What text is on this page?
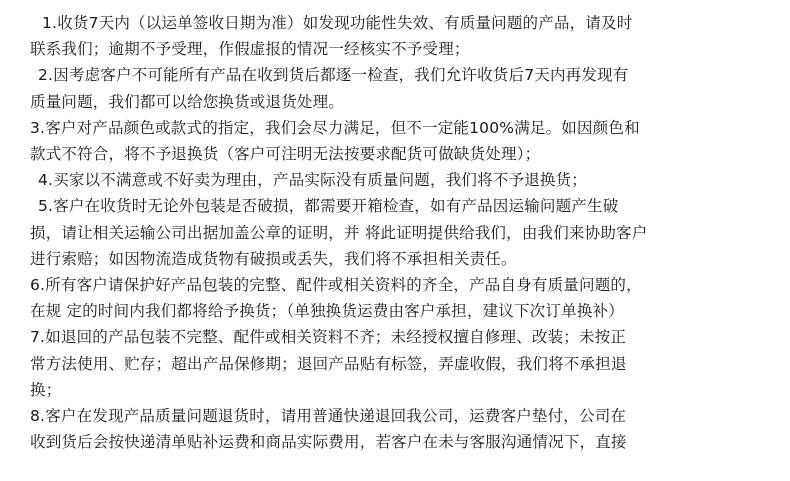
1.收货7天内（以运单签收日期为准）如发现功能性失效、有质量问题的产品，请及时
联系我们；逾期不予受理，作假虚报的情况一经核实不予受理；
2.因考虑客户不可能所有产品在收到货后都逐一检查，我们允许收货后7天内再发现有
质量问题，我们都可以给您换货或退货处理。
3.客户对产品颜色或款式的指定，我们会尽力满足，但不一定能100%满足。如因颜色和
款式不符合，将不予退换货（客户可注明无法按要求配货可做缺货处理）；
4.买家以不满意或不好卖为理由，产品实际没有质量问题，我们将不予退换货；
5.客户在收货时无论外包装是否破损，都需要开箱检查，如有产品因运输问题产生破
损，请让相关运输公司出据加盖公章的证明，并 将此证明提供给我们，由我们来协助客户
进行索赔；如因物流造成货物有破损或丢失，我们将不承担相关责任。
6.所有客户请保护好产品包装的完整、配件或相关资料的齐全，产品自身有质量问题的，
在规 定的时间内我们都将给予换货；（单独换货运费由客户承担，建议下次订单换补）
7.如退回的产品包装不完整、配件或相关资料不齐；未经授权擅自修理、改装；未按正
常方法使用、贮存；超出产品保修期；退回产品贴有标签，弄虚收假，我们将不承担退
换；
8.客户在发现产品质量问题退货时，请用普通快递退回我公司，运费客户垫付，公司在
收到货后会按快递清单贴补运费和商品实际费用，若客户在未与客服沟通情况下，直接
